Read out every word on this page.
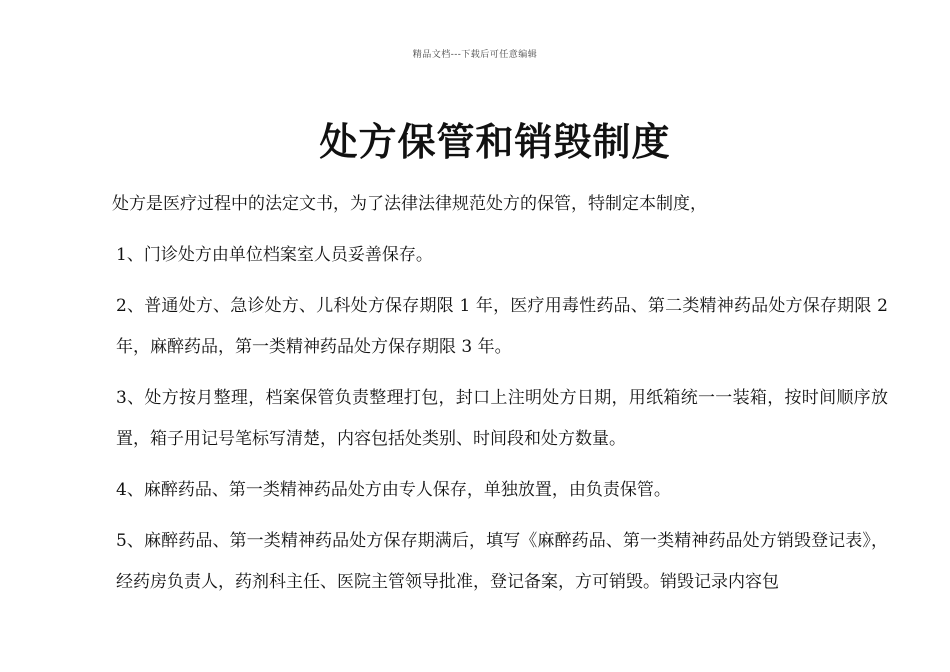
精品文档---下载后可任意编辑
处方保管和销毁制度

处方是医疗过程中的法定文书，为了法律法律规范处方的保管，特制定本制度，

1、门诊处方由单位档案室人员妥善保存。

2、普通处方、急诊处方、儿科处方保存期限 1 年，医疗用毒性药品、第二类精神药品处方保存期限 2 年，麻醉药品，第一类精神药品处方保存期限 3 年。

3、处方按月整理，档案保管负责整理打包，封口上注明处方日期，用纸箱统一一装箱，按时间顺序放置，箱子用记号笔标写清楚，内容包括处类别、时间段和处方数量。

4、麻醉药品、第一类精神药品处方由专人保存，单独放置，由负责保管。

5、麻醉药品、第一类精神药品处方保存期满后，填写《麻醉药品、第一类精神药品处方销毁登记表》，经药房负责人，药剂科主任、医院主管领导批准，登记备案，方可销毁。销毁记录内容包
